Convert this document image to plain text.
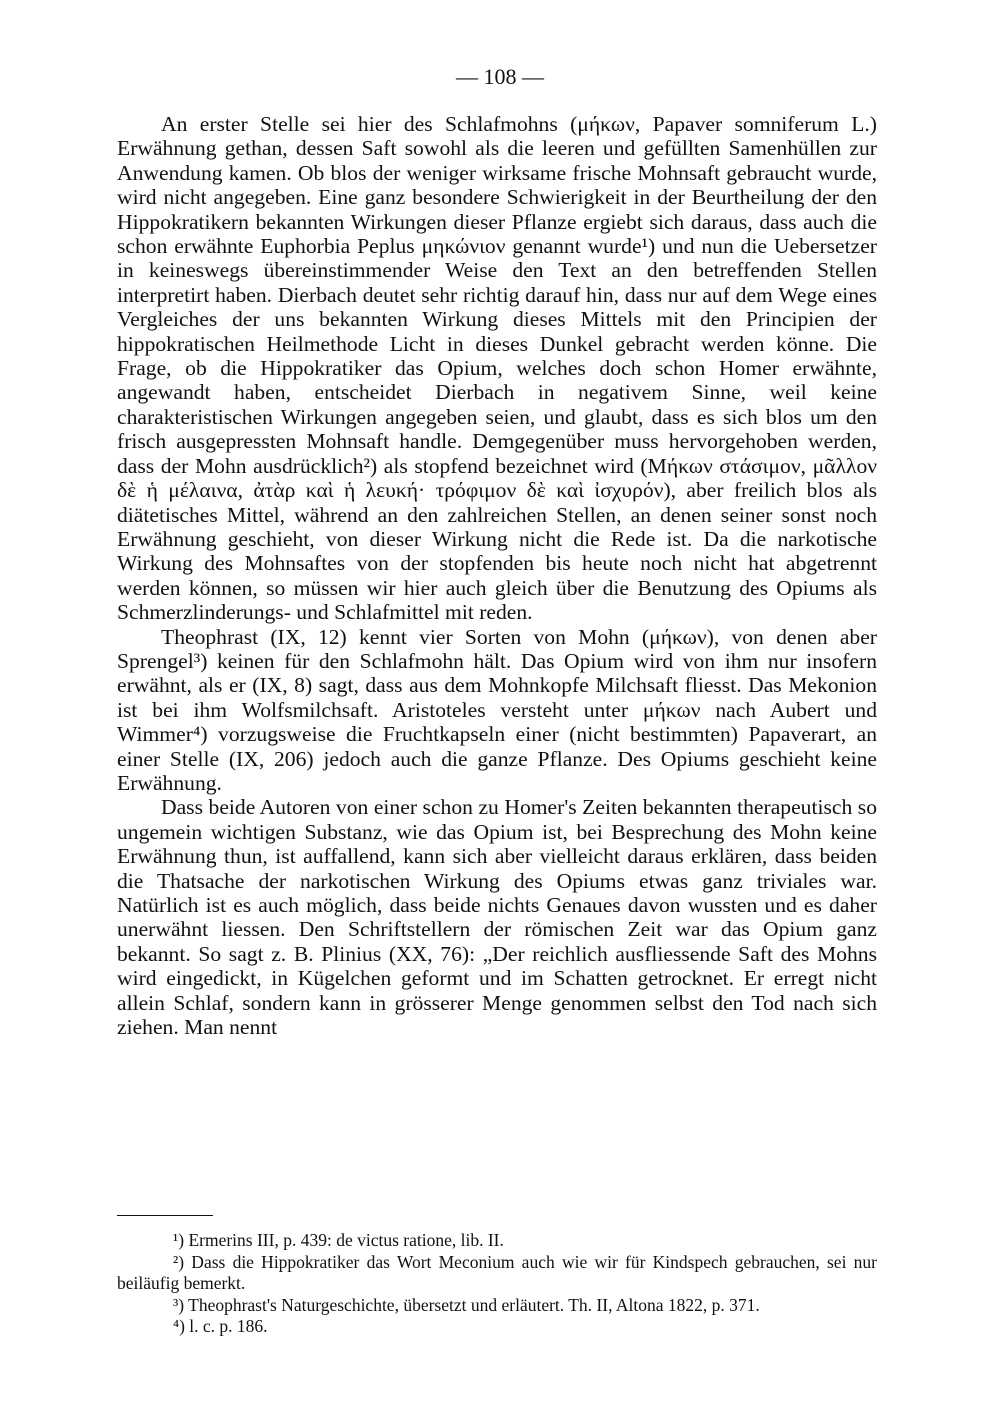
— 108 —

An erster Stelle sei hier des Schlafmohns (μήκων, Papaver somniferum L.) Erwähnung gethan, dessen Saft sowohl als die leeren und gefüllten Samenhüllen zur Anwendung kamen. Ob blos der weniger wirksame frische Mohnsaft gebraucht wurde, wird nicht angegeben. Eine ganz besondere Schwierigkeit in der Beurtheilung der den Hippokratikern bekannten Wirkungen dieser Pflanze ergiebt sich daraus, dass auch die schon erwähnte Euphorbia Peplus μηκώνιον genannt wurde¹) und nun die Uebersetzer in keineswegs übereinstimmender Weise den Text an den betreffenden Stellen interpretirt haben. Dierbach deutet sehr richtig darauf hin, dass nur auf dem Wege eines Vergleiches der uns bekannten Wirkung dieses Mittels mit den Principien der hippokratischen Heilmethode Licht in dieses Dunkel gebracht werden könne. Die Frage, ob die Hippokratiker das Opium, welches doch schon Homer erwähnte, angewandt haben, entscheidet Dierbach in negativem Sinne, weil keine charakteristischen Wirkungen angegeben seien, und glaubt, dass es sich blos um den frisch ausgepressten Mohnsaft handle. Demgegenüber muss hervorgehoben werden, dass der Mohn ausdrücklich²) als stopfend bezeichnet wird (Μήκων στάσιμον, μᾶλλον δὲ ἡ μέλαινα, ἀτὰρ καὶ ἡ λευκή· τρόφιμον δὲ καὶ ἰσχυρόν), aber freilich blos als diätetisches Mittel, während an den zahlreichen Stellen, an denen seiner sonst noch Erwähnung geschieht, von dieser Wirkung nicht die Rede ist. Da die narkotische Wirkung des Mohnsaftes von der stopfenden bis heute noch nicht hat abgetrennt werden können, so müssen wir hier auch gleich über die Benutzung des Opiums als Schmerzlinderungs- und Schlafmittel mit reden.

Theophrast (IX, 12) kennt vier Sorten von Mohn (μήκων), von denen aber Sprengel³) keinen für den Schlafmohn hält. Das Opium wird von ihm nur insofern erwähnt, als er (IX, 8) sagt, dass aus dem Mohnkopfe Milchsaft fliesst. Das Mekonion ist bei ihm Wolfsmilchsaft. Aristoteles versteht unter μήκων nach Aubert und Wimmer⁴) vorzugsweise die Fruchtkapseln einer (nicht bestimmten) Papaverart, an einer Stelle (IX, 206) jedoch auch die ganze Pflanze. Des Opiums geschieht keine Erwähnung.

Dass beide Autoren von einer schon zu Homer's Zeiten bekannten therapeutisch so ungemein wichtigen Substanz, wie das Opium ist, bei Besprechung des Mohn keine Erwähnung thun, ist auffallend, kann sich aber vielleicht daraus erklären, dass beiden die Thatsache der narkotischen Wirkung des Opiums etwas ganz triviales war. Natürlich ist es auch möglich, dass beide nichts Genaues davon wussten und es daher unerwähnt liessen. Den Schriftstellern der römischen Zeit war das Opium ganz bekannt. So sagt z. B. Plinius (XX, 76): „Der reichlich ausfliessende Saft des Mohns wird eingedickt, in Kügelchen geformt und im Schatten getrocknet. Er erregt nicht allein Schlaf, sondern kann in grösserer Menge genommen selbst den Tod nach sich ziehen. Man nennt

¹) Ermerins III, p. 439: de victus ratione, lib. II.

²) Dass die Hippokratiker das Wort Meconium auch wie wir für Kindspech gebrauchen, sei nur beiläufig bemerkt.

³) Theophrast's Naturgeschichte, übersetzt und erläutert. Th. II, Altona 1822, p. 371.

⁴) l. c. p. 186.
